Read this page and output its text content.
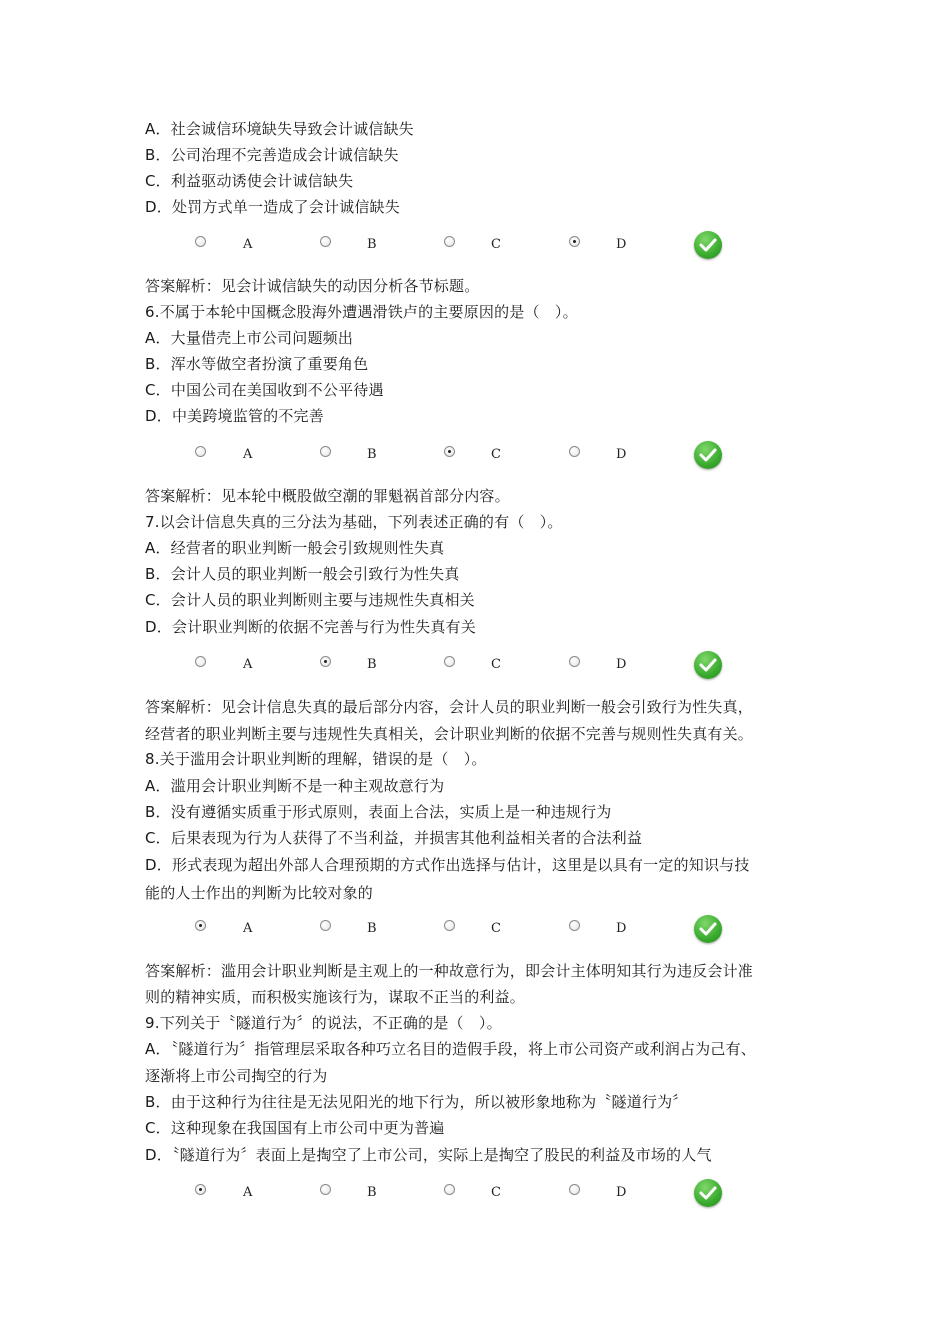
A．社会诚信环境缺失导致会计诚信缺失
B．公司治理不完善造成会计诚信缺失
C．利益驱动诱使会计诚信缺失
D．处罚方式单一造成了会计诚信缺失
A	B	C	D
答案解析：见会计诚信缺失的动因分析各节标题。
6.不属于本轮中国概念股海外遭遇滑铁卢的主要原因的是（　）。
A．大量借壳上市公司问题频出
B．浑水等做空者扮演了重要角色
C．中国公司在美国收到不公平待遇
D．中美跨境监管的不完善
A	B	C	D
答案解析：见本轮中概股做空潮的罪魁祸首部分内容。
7.以会计信息失真的三分法为基础，下列表述正确的有（　）。
A．经营者的职业判断一般会引致规则性失真
B．会计人员的职业判断一般会引致行为性失真
C．会计人员的职业判断则主要与违规性失真相关
D．会计职业判断的依据不完善与行为性失真有关
A	B	C	D
答案解析：见会计信息失真的最后部分内容，会计人员的职业判断一般会引致行为性失真，
经营者的职业判断主要与违规性失真相关，会计职业判断的依据不完善与规则性失真有关。
8.关于滥用会计职业判断的理解，错误的是（　）。
A．滥用会计职业判断不是一种主观故意行为
B．没有遵循实质重于形式原则，表面上合法，实质上是一种违规行为
C．后果表现为行为人获得了不当利益，并损害其他利益相关者的合法利益
D．形式表现为超出外部人合理预期的方式作出选择与估计，这里是以具有一定的知识与技
能的人士作出的判断为比较对象的
A	B	C	D
答案解析：滥用会计职业判断是主观上的一种故意行为，即会计主体明知其行为违反会计准
则的精神实质，而积极实施该行为，谋取不正当的利益。
9.下列关于〝隧道行为〞的说法，不正确的是（　）。
A．〝隧道行为〞指管理层采取各种巧立名目的造假手段，将上市公司资产或利润占为己有、
逐渐将上市公司掏空的行为
B．由于这种行为往往是无法见阳光的地下行为，所以被形象地称为〝隧道行为〞
C．这种现象在我国国有上市公司中更为普遍
D．〝隧道行为〞表面上是掏空了上市公司，实际上是掏空了股民的利益及市场的人气
A	B	C	D
